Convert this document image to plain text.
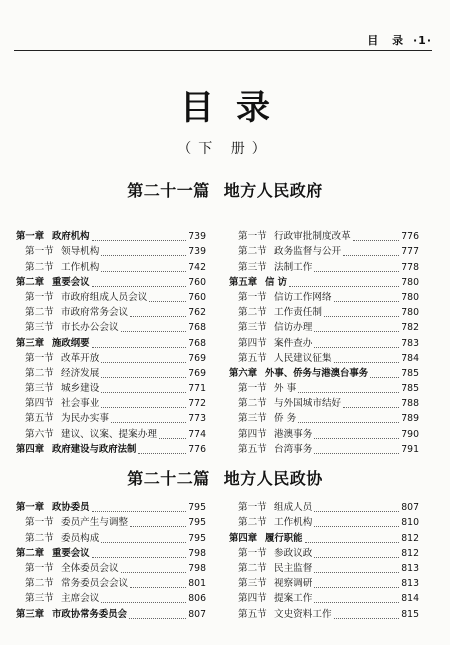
目 录 ·1·
目录
（下 册）
第二十一篇 地方人民政府
第一章 政府机构	739
第一节 领导机构	739
第二节 工作机构	742
第二章 重要会议	760
第一节 市政府组成人员会议	760
第二节 市政府常务会议	762
第三节 市长办公会议	768
第三章 施政纲要	768
第一节 改革开放	769
第二节 经济发展	769
第三节 城乡建设	771
第四节 社会事业	772
第五节 为民办实事	773
第六节 建议、议案、提案办理	774
第四章 政府建设与政府法制	776
第一节 行政审批制度改革	776
第二节 政务监督与公开	777
第三节 法制工作	778
第五章 信 访	780
第一节 信访工作网络	780
第二节 工作责任制	780
第三节 信访办理	782
第四节 案件查办	783
第五节 人民建议征集	784
第六章 外事、侨务与港澳台事务	785
第一节 外 事	785
第二节 与外国城市结好	788
第三节 侨 务	789
第四节 港澳事务	790
第五节 台湾事务	791
第二十二篇 地方人民政协
第一章 政协委员	795
第一节 委员产生与调整	795
第二节 委员构成	795
第二章 重要会议	798
第一节 全体委员会议	798
第二节 常务委员会会议	801
第三节 主席会议	806
第三章 市政协常务委员会	807
第一节 组成人员	807
第二节 工作机构	810
第四章 履行职能	812
第一节 参政议政	812
第二节 民主监督	813
第三节 视察调研	813
第四节 提案工作	814
第五节 文史资料工作	815
